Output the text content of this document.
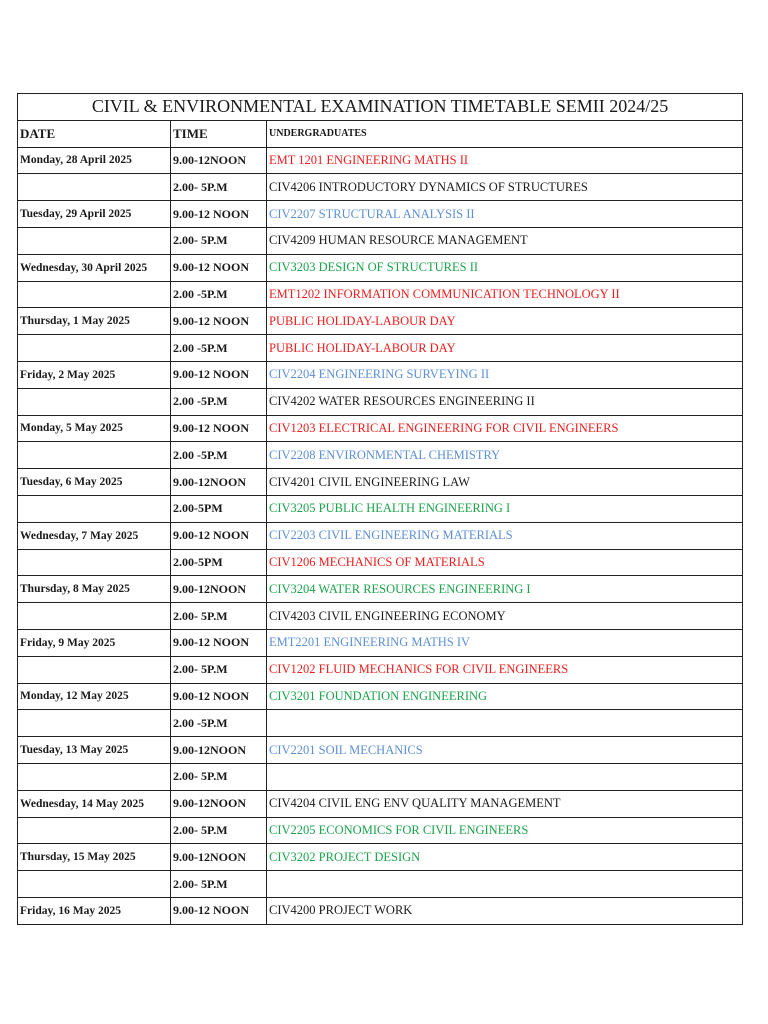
CIVIL & ENVIRONMENTAL EXAMINATION TIMETABLE SEMII 2024/25		
DATE	TIME	UNDERGRADUATES
Monday, 28 April 2025	9.00-12NOON	EMT 1201 ENGINEERING MATHS II
	2.00- 5P.M	CIV4206 INTRODUCTORY DYNAMICS OF STRUCTURES
Tuesday, 29 April 2025	9.00-12 NOON	CIV2207 STRUCTURAL ANALYSIS II
	2.00- 5P.M	CIV4209 HUMAN RESOURCE MANAGEMENT
Wednesday, 30 April 2025	9.00-12 NOON	CIV3203 DESIGN OF STRUCTURES II
	2.00 -5P.M	EMT1202 INFORMATION COMMUNICATION TECHNOLOGY II
Thursday, 1 May 2025	9.00-12 NOON	PUBLIC HOLIDAY-LABOUR DAY
	2.00 -5P.M	PUBLIC HOLIDAY-LABOUR DAY
Friday, 2 May 2025	9.00-12 NOON	CIV2204 ENGINEERING SURVEYING II
	2.00 -5P.M	CIV4202 WATER RESOURCES ENGINEERING II
Monday, 5 May 2025	9.00-12 NOON	CIV1203 ELECTRICAL ENGINEERING FOR CIVIL ENGINEERS
	2.00 -5P.M	CIV2208 ENVIRONMENTAL CHEMISTRY
Tuesday, 6 May 2025	9.00-12NOON	CIV4201 CIVIL ENGINEERING LAW
	2.00-5PM	CIV3205 PUBLIC HEALTH ENGINEERING I
Wednesday, 7 May 2025	9.00-12 NOON	CIV2203 CIVIL ENGINEERING MATERIALS
	2.00-5PM	CIV1206 MECHANICS OF MATERIALS
Thursday, 8 May 2025	9.00-12NOON	CIV3204 WATER RESOURCES ENGINEERING I
	2.00- 5P.M	CIV4203 CIVIL ENGINEERING ECONOMY
Friday, 9 May 2025	9.00-12 NOON	EMT2201 ENGINEERING MATHS IV
	2.00- 5P.M	CIV1202 FLUID MECHANICS FOR CIVIL ENGINEERS
Monday, 12 May 2025	9.00-12 NOON	CIV3201 FOUNDATION ENGINEERING
	2.00 -5P.M	
Tuesday, 13 May 2025	9.00-12NOON	CIV2201 SOIL MECHANICS
	2.00- 5P.M	
Wednesday, 14 May 2025	9.00-12NOON	CIV4204 CIVIL ENG ENV QUALITY MANAGEMENT
	2.00- 5P.M	CIV2205 ECONOMICS FOR CIVIL ENGINEERS
Thursday, 15 May 2025	9.00-12NOON	CIV3202 PROJECT DESIGN
	2.00- 5P.M	
Friday, 16 May 2025	9.00-12 NOON	CIV4200 PROJECT WORK
